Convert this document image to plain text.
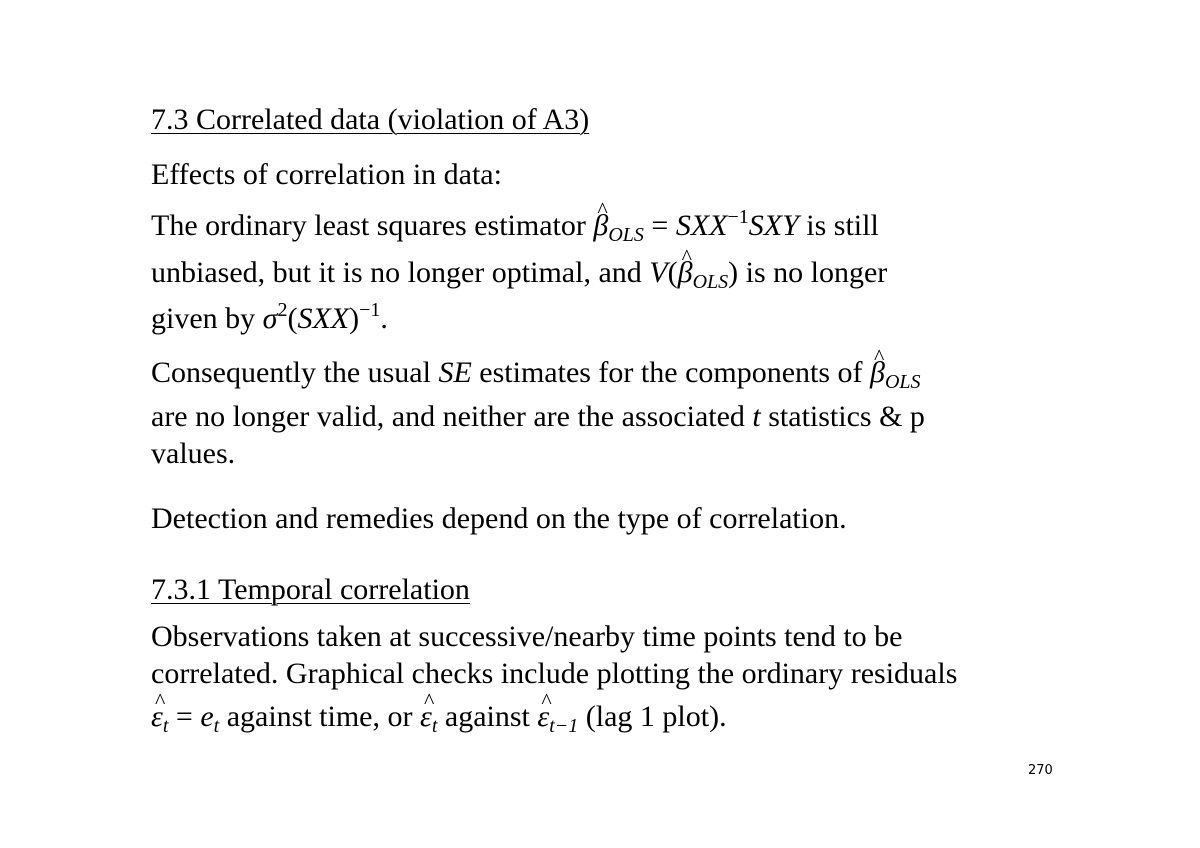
7.3 Correlated data (violation of A3)
Effects of correlation in data:
The ordinary least squares estimator ^ $\beta_{OLS} = SXX^{-1}SXY$ is still
unbiased, but it is no longer optimal, and V(^ $\beta_{OLS}$) is no longer
given by $\sigma^2(SXX)^{-1}$.
Consequently the usual SE estimates for the components of ^ $\beta_{OLS}$
are no longer valid, and neither are the associated t statistics & p
values.
Detection and remedies depend on the type of correlation.
7.3.1 Temporal correlation
Observations taken at successive/nearby time points tend to be
correlated. Graphical checks include plotting the ordinary residuals
^ $\varepsilon_t = e_t$ against time, or ^ $\varepsilon_t$ against ^ $\varepsilon_{t-1}$ (lag 1 plot).
270
